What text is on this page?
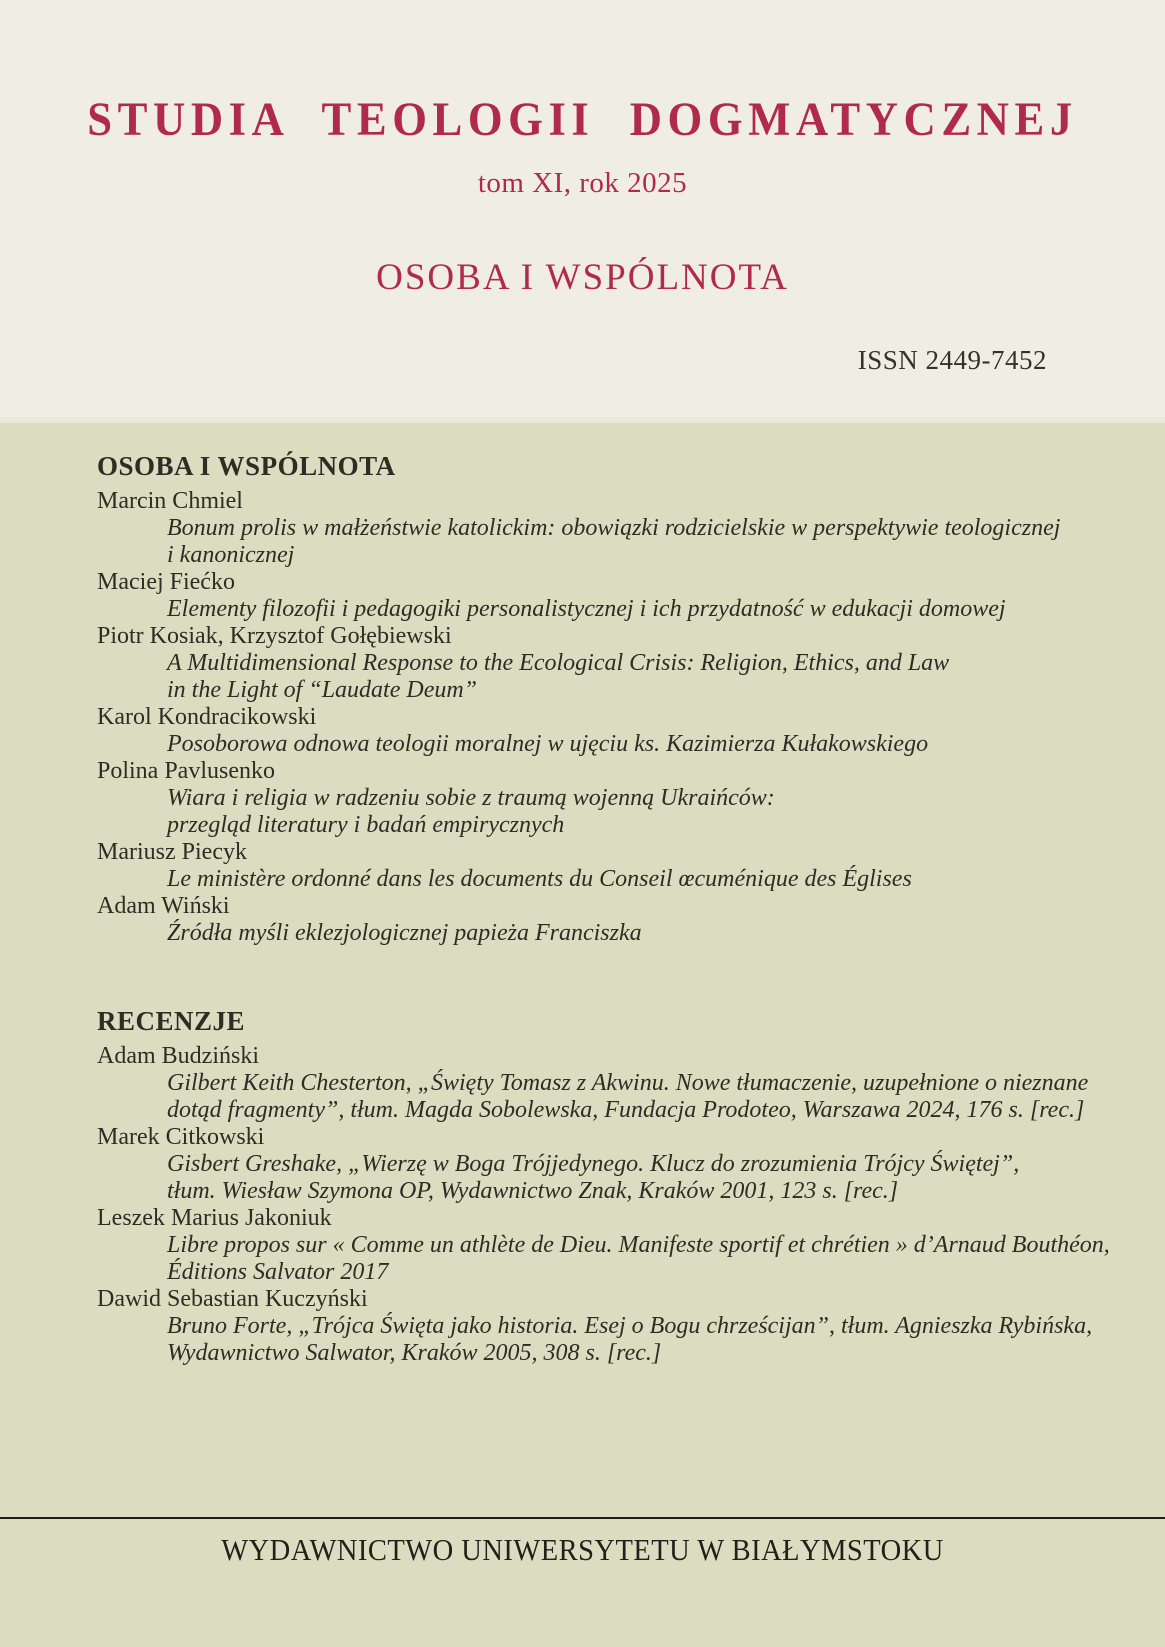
STUDIA TEOLOGII DOGMATYCZNEJ
tom XI, rok 2025
OSOBA I WSPÓLNOTA
ISSN 2449-7452
OSOBA I WSPÓLNOTA
Marcin Chmiel
Bonum prolis w małżeństwie katolickim: obowiązki rodzicielskie w perspektywie teologicznej
i kanonicznej
Maciej Fiećko
Elementy filozofii i pedagogiki personalistycznej i ich przydatność w edukacji domowej
Piotr Kosiak, Krzysztof Gołębiewski
A Multidimensional Response to the Ecological Crisis: Religion, Ethics, and Law
in the Light of “Laudate Deum”
Karol Kondracikowski
Posoborowa odnowa teologii moralnej w ujęciu ks. Kazimierza Kułakowskiego
Polina Pavlusenko
Wiara i religia w radzeniu sobie z traumą wojenną Ukraińców:
przegląd literatury i badań empirycznych
Mariusz Piecyk
Le ministère ordonné dans les documents du Conseil œcuménique des Églises
Adam Wiński
Źródła myśli eklezjologicznej papieża Franciszka
RECENZJE
Adam Budziński
Gilbert Keith Chesterton, „Święty Tomasz z Akwinu. Nowe tłumaczenie, uzupełnione o nieznane
dotąd fragmenty”, tłum. Magda Sobolewska, Fundacja Prodoteo, Warszawa 2024, 176 s. [rec.]
Marek Citkowski
Gisbert Greshake, „Wierzę w Boga Trójjedynego. Klucz do zrozumienia Trójcy Świętej”,
tłum. Wiesław Szymona OP, Wydawnictwo Znak, Kraków 2001, 123 s. [rec.]
Leszek Marius Jakoniuk
Libre propos sur « Comme un athlète de Dieu. Manifeste sportif et chrétien » d’Arnaud Bouthéon,
Éditions Salvator 2017
Dawid Sebastian Kuczyński
Bruno Forte, „Trójca Święta jako historia. Esej o Bogu chrześcijan”, tłum. Agnieszka Rybińska,
Wydawnictwo Salwator, Kraków 2005, 308 s. [rec.]
WYDAWNICTWO UNIWERSYTETU W BIAŁYMSTOKU
